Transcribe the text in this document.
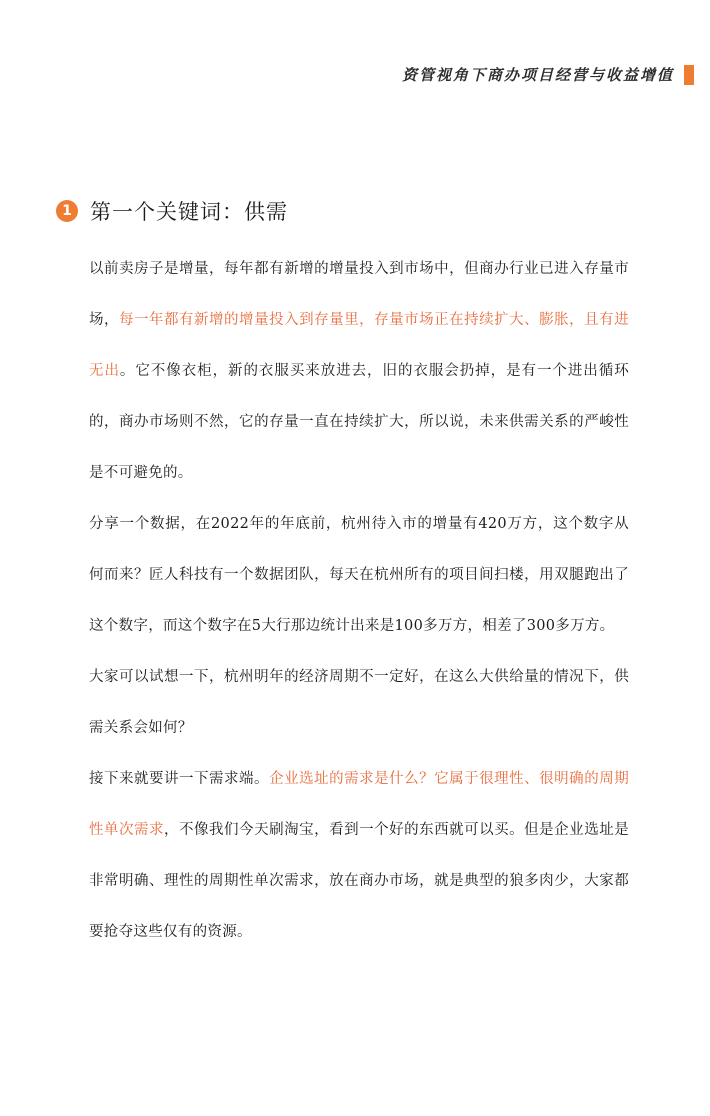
资管视角下商办项目经营与收益增值
1 第一个关键词：供需

以前卖房子是增量，每年都有新增的增量投入到市场中，但商办行业已进入存量市场，每一年都有新增的增量投入到存量里，存量市场正在持续扩大、膨胀，且有进无出。它不像衣柜，新的衣服买来放进去，旧的衣服会扔掉，是有一个进出循环的，商办市场则不然，它的存量一直在持续扩大，所以说，未来供需关系的严峻性是不可避免的。

分享一个数据，在2022年的年底前，杭州待入市的增量有420万方，这个数字从何而来？匠人科技有一个数据团队，每天在杭州所有的项目间扫楼，用双腿跑出了这个数字，而这个数字在5大行那边统计出来是100多万方，相差了300多万方。

大家可以试想一下，杭州明年的经济周期不一定好，在这么大供给量的情况下，供需关系会如何？

接下来就要讲一下需求端。企业选址的需求是什么？它属于很理性、很明确的周期性单次需求，不像我们今天刷淘宝，看到一个好的东西就可以买。但是企业选址是非常明确、理性的周期性单次需求，放在商办市场，就是典型的狼多肉少，大家都要抢夺这些仅有的资源。
